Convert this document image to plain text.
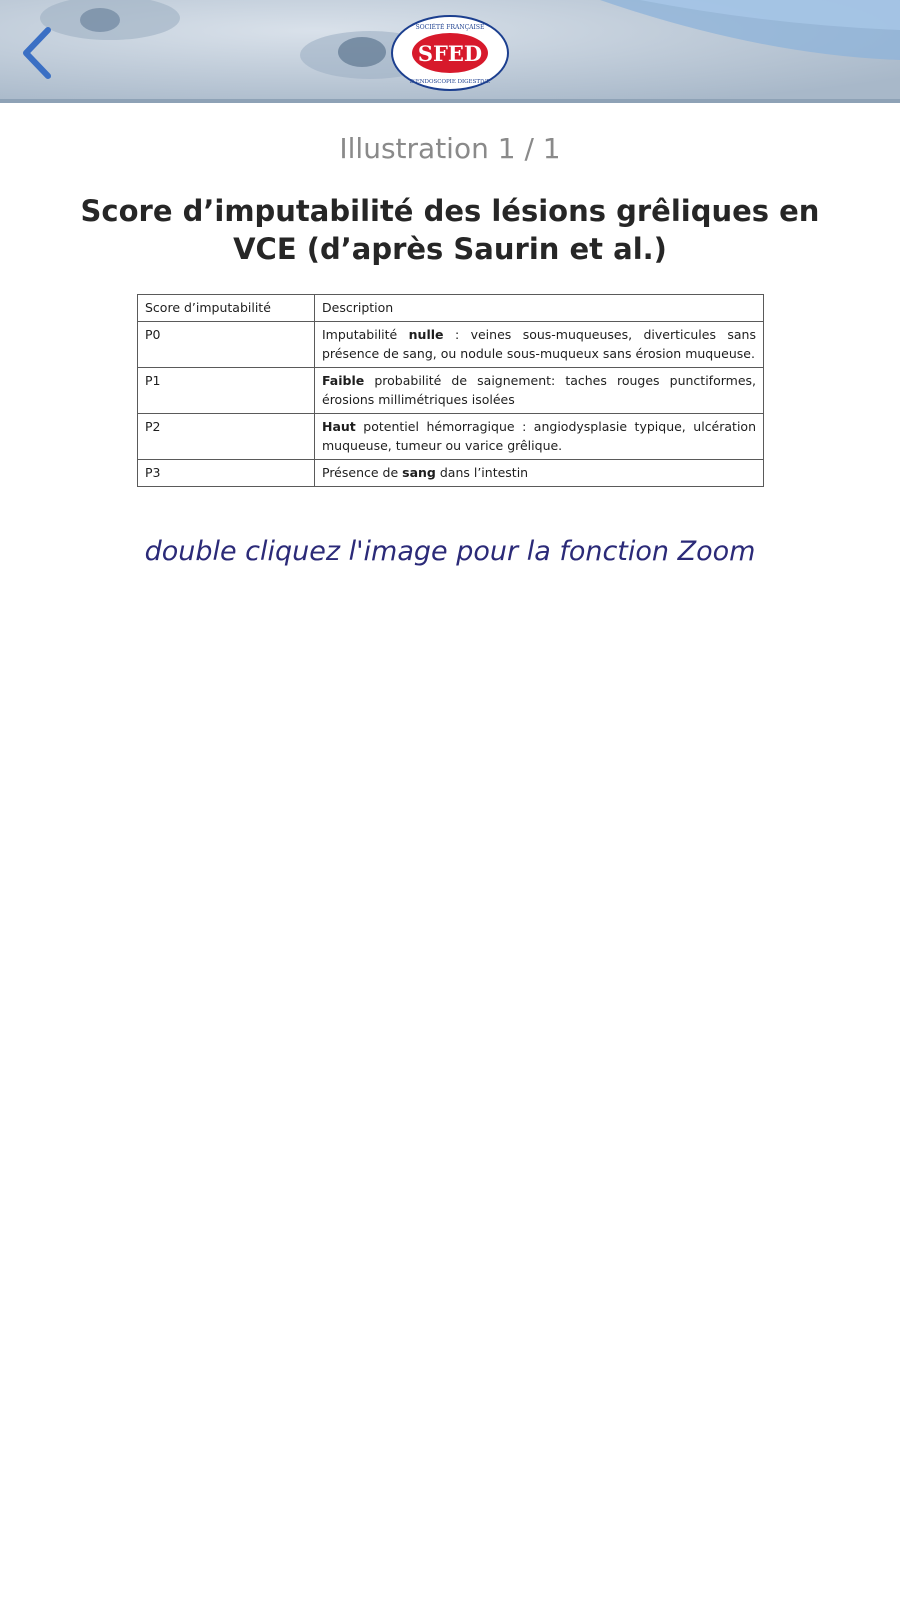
SFED
SOCIÉTÉ FRANÇAISE
D'ENDOSCOPIE DIGESTIVE
Illustration 1 / 1
Score d’imputabilité des lésions grêliques en VCE (d’après Saurin et al.)
Score d’imputabilité	Description
P0	Imputabilité nulle : veines sous-muqueuses, diverticules sans présence de sang, ou nodule sous-muqueux sans érosion muqueuse.
P1	Faible probabilité de saignement: taches rouges punctiformes, érosions millimétriques isolées
P2	Haut potentiel hémorragique : angiodysplasie typique, ulcération muqueuse, tumeur ou varice grêlique.
P3	Présence de sang dans l’intestin
double cliquez l'image pour la fonction Zoom
